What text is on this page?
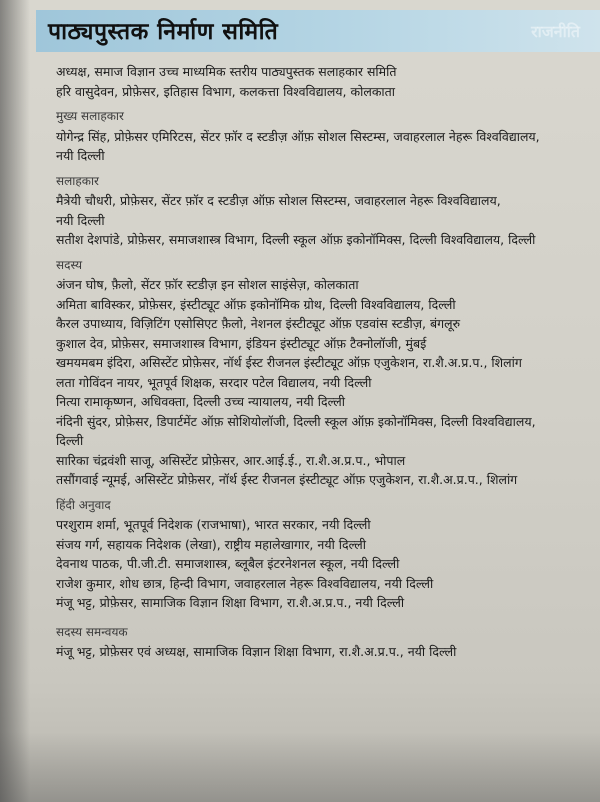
पाठ्यपुस्तक निर्माण समिति	राजनीति
अध्यक्ष, समाज विज्ञान उच्च माध्यमिक स्तरीय पाठ्यपुस्तक सलाहकार समिति
हरि वासुदेवन, प्रोफ़ेसर, इतिहास विभाग, कलकत्ता विश्वविद्यालय, कोलकाता
मुख्य सलाहकार
योगेन्द्र सिंह, प्रोफ़ेसर एमिरिटस, सेंटर फ़ॉर द स्टडीज़ ऑफ़ सोशल सिस्टम्स, जवाहरलाल नेहरू विश्वविद्यालय,
नयी दिल्ली
सलाहकार
मैत्रेयी चौधरी, प्रोफ़ेसर, सेंटर फ़ॉर द स्टडीज़ ऑफ़ सोशल सिस्टम्स, जवाहरलाल नेहरू विश्वविद्यालय,
नयी दिल्ली
सतीश देशपांडे, प्रोफ़ेसर, समाजशास्त्र विभाग, दिल्ली स्कूल ऑफ़ इकोनॉमिक्स, दिल्ली विश्वविद्यालय, दिल्ली
सदस्य
अंजन घोष, फ़ैलो, सेंटर फ़ॉर स्टडीज़ इन सोशल साइंसेज़, कोलकाता
अमिता बाविस्कर, प्रोफ़ेसर, इंस्टीट्यूट ऑफ़ इकोनॉमिक ग्रोथ, दिल्ली विश्वविद्यालय, दिल्ली
कैरल उपाध्याय, विज़िटिंग एसोसिएट फ़ैलो, नेशनल इंस्टीट्यूट ऑफ़ एडवांस स्टडीज़, बंगलूरु
कुशाल देव, प्रोफ़ेसर, समाजशास्त्र विभाग, इंडियन इंस्टीट्यूट ऑफ़ टैक्नोलॉजी, मुंबई
खमयमबम इंदिरा, असिस्टेंट प्रोफ़ेसर, नॉर्थ ईस्ट रीजनल इंस्टीट्यूट ऑफ़ एजुकेशन, रा.शै.अ.प्र.प., शिलांग
लता गोविंदन नायर, भूतपूर्व शिक्षक, सरदार पटेल विद्यालय, नयी दिल्ली
नित्या रामाकृष्णन, अधिवक्ता, दिल्ली उच्च न्यायालय, नयी दिल्ली
नंदिनी सुंदर, प्रोफ़ेसर, डिपार्टमेंट ऑफ़ सोशियोलॉजी, दिल्ली स्कूल ऑफ़ इकोनॉमिक्स, दिल्ली विश्वविद्यालय,
दिल्ली
सारिका चंद्रवंशी साजू, असिस्टेंट प्रोफ़ेसर, आर.आई.ई., रा.शै.अ.प्र.प., भोपाल
तसौंगवाई न्यूमई, असिस्टेंट प्रोफ़ेसर, नॉर्थ ईस्ट रीजनल इंस्टीट्यूट ऑफ़ एजुकेशन, रा.शै.अ.प्र.प., शिलांग
हिंदी अनुवाद
परशुराम शर्मा, भूतपूर्व निदेशक (राजभाषा), भारत सरकार, नयी दिल्ली
संजय गर्ग, सहायक निदेशक (लेखा), राष्ट्रीय महालेखागार, नयी दिल्ली
देवनाथ पाठक, पी.जी.टी. समाजशास्त्र, ब्लूबैल इंटरनेशनल स्कूल, नयी दिल्ली
राजेश कुमार, शोध छात्र, हिन्दी विभाग, जवाहरलाल नेहरू विश्वविद्यालय, नयी दिल्ली
मंजू भट्ट, प्रोफ़ेसर, सामाजिक विज्ञान शिक्षा विभाग, रा.शै.अ.प्र.प., नयी दिल्ली
सदस्य समन्वयक
मंजू भट्ट, प्रोफ़ेसर एवं अध्यक्ष, सामाजिक विज्ञान शिक्षा विभाग, रा.शै.अ.प्र.प., नयी दिल्ली
